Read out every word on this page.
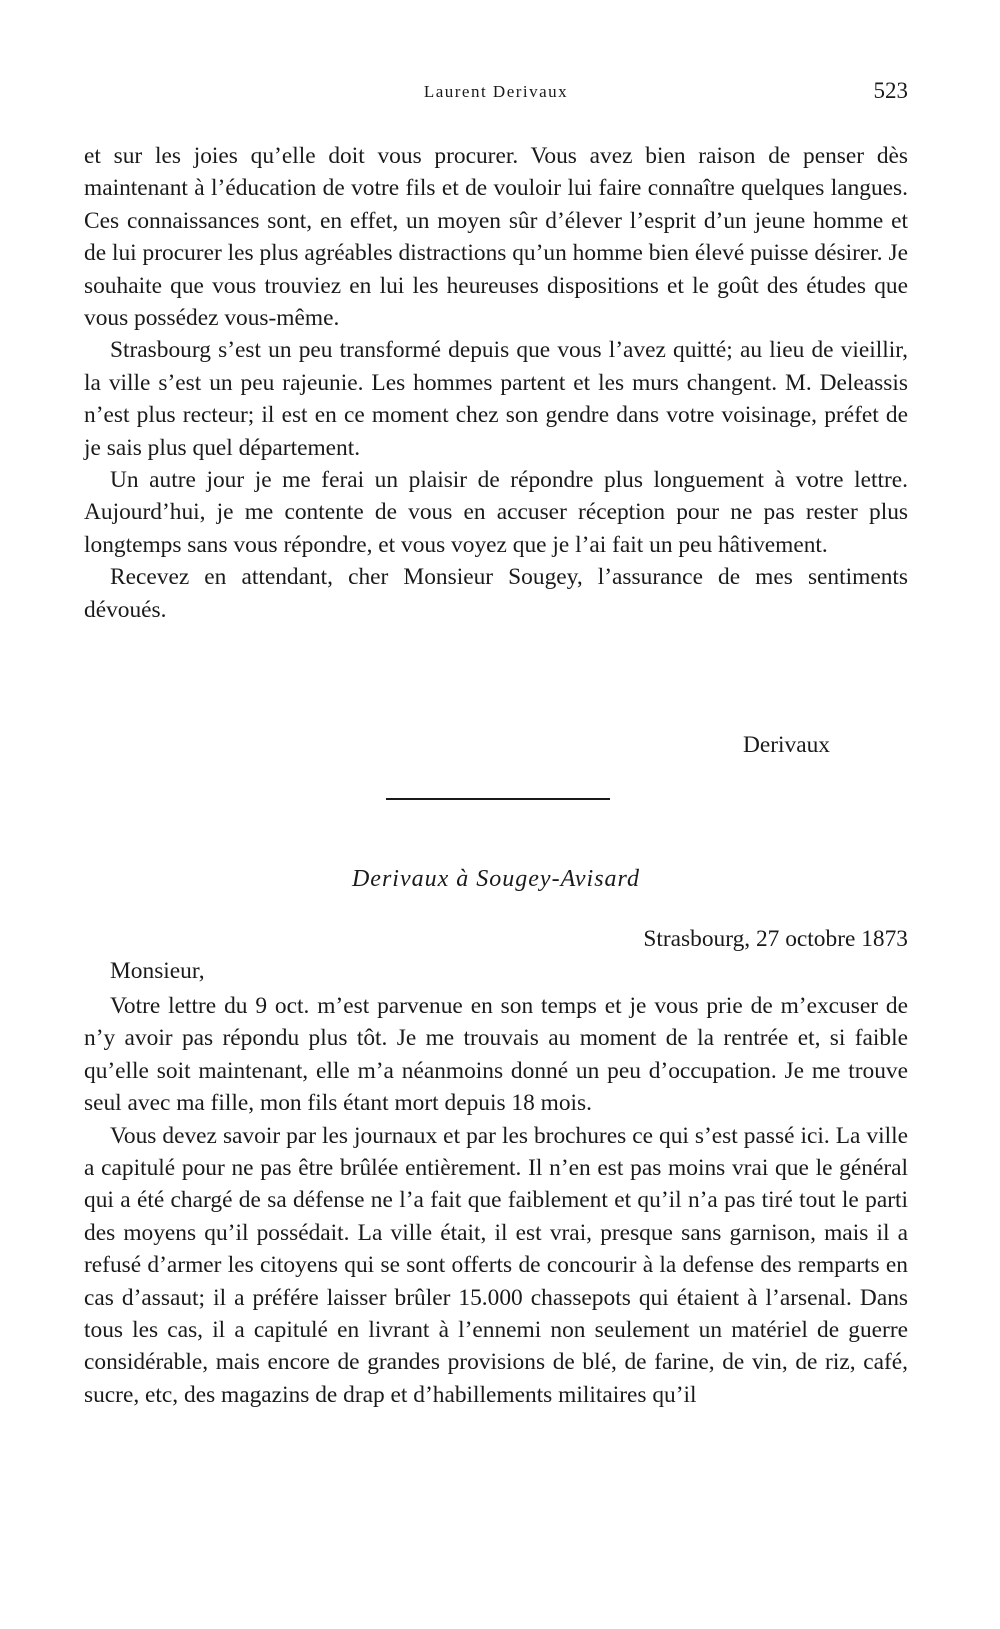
Laurent Derivaux	523

et sur les joies qu’elle doit vous procurer. Vous avez bien raison de penser dès maintenant à l’éducation de votre fils et de vouloir lui faire connaître quelques langues. Ces connaissances sont, en effet, un moyen sûr d’élever l’esprit d’un jeune homme et de lui procurer les plus agréables distractions qu’un homme bien élevé puisse désirer. Je souhaite que vous trouviez en lui les heureuses dispositions et le goût des études que vous possédez vous-même.

Strasbourg s’est un peu transformé depuis que vous l’avez quitté; au lieu de vieillir, la ville s’est un peu rajeunie. Les hommes partent et les murs changent. M. Deleassis n’est plus recteur; il est en ce moment chez son gendre dans votre voisinage, préfet de je sais plus quel département.

Un autre jour je me ferai un plaisir de répondre plus longuement à votre lettre. Aujourd’hui, je me contente de vous en accuser réception pour ne pas rester plus longtemps sans vous répondre, et vous voyez que je l’ai fait un peu hâtivement.

Recevez en attendant, cher Monsieur Sougey, l’assurance de mes sentiments dévoués.

Derivaux
Derivaux à Sougey-Avisard
Strasbourg, 27 octobre 1873
Monsieur,

Votre lettre du 9 oct. m’est parvenue en son temps et je vous prie de m’excuser de n’y avoir pas répondu plus tôt. Je me trouvais au moment de la rentrée et, si faible qu’elle soit maintenant, elle m’a néanmoins donné un peu d’occupation. Je me trouve seul avec ma fille, mon fils étant mort depuis 18 mois.

Vous devez savoir par les journaux et par les brochures ce qui s’est passé ici. La ville a capitulé pour ne pas être brûlée entièrement. Il n’en est pas moins vrai que le général qui a été chargé de sa défense ne l’a fait que faiblement et qu’il n’a pas tiré tout le parti des moyens qu’il possédait. La ville était, il est vrai, presque sans garnison, mais il a refusé d’armer les citoyens qui se sont offerts de concourir à la defense des remparts en cas d’assaut; il a préfére laisser brûler 15.000 chassepots qui étaient à l’arsenal. Dans tous les cas, il a capitulé en livrant à l’ennemi non seulement un matériel de guerre considérable, mais encore de grandes provisions de blé, de farine, de vin, de riz, café, sucre, etc, des magazins de drap et d’habillements militaires qu’il
